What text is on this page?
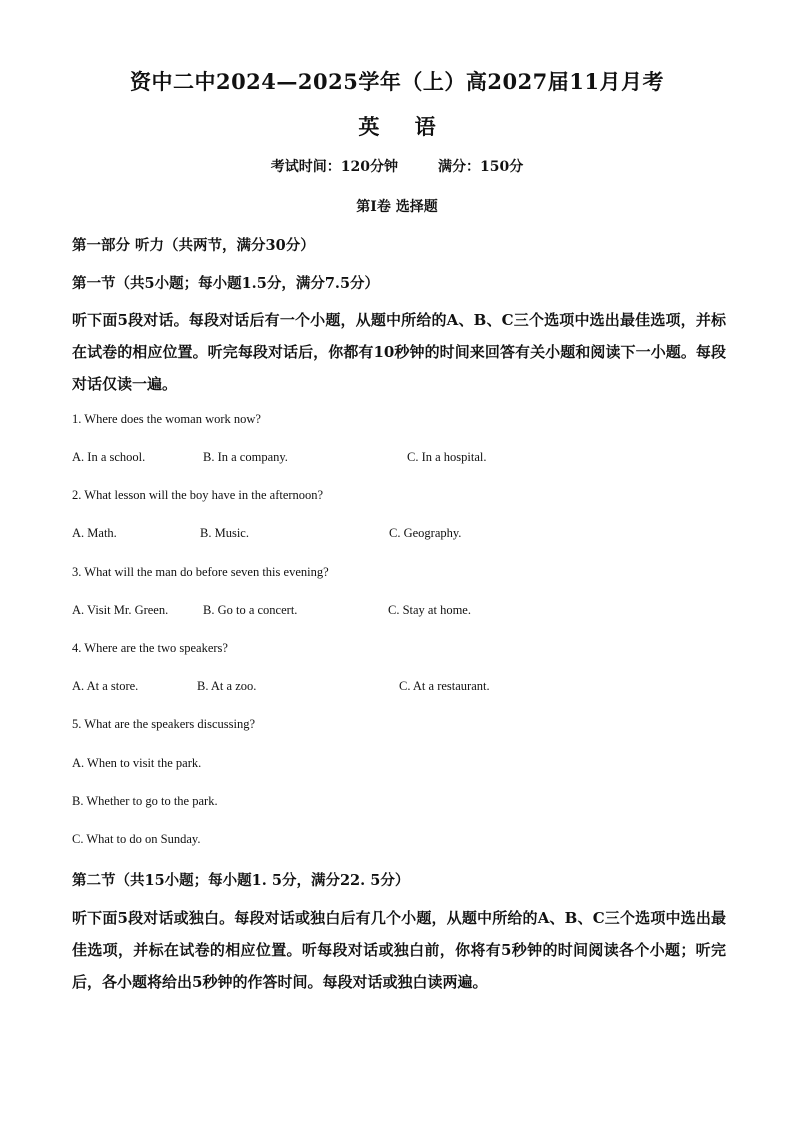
资中二中2024—2025学年（上）高2027届11月月考
英 语
考试时间：120分钟	满分：150分
第I卷 选择题
第一部分 听力（共两节，满分30分）
第一节（共5小题；每小题1.5分，满分7.5分）
听下面5段对话。每段对话后有一个小题，从题中所给的A、B、C三个选项中选出最佳选项，并标在试卷的相应位置。听完每段对话后，你都有10秒钟的时间来回答有关小题和阅读下一小题。每段对话仅读一遍。
1. Where does the woman work now?
A. In a school.	B. In a company.	C. In a hospital.
2. What lesson will the boy have in the afternoon?
A. Math.	B. Music.	C. Geography.
3. What will the man do before seven this evening?
A. Visit Mr. Green.	B. Go to a concert.	C. Stay at home.
4. Where are the two speakers?
A. At a store.	B. At a zoo.	C. At a restaurant.
5. What are the speakers discussing?
A. When to visit the park.
B. Whether to go to the park.
C. What to do on Sunday.
第二节（共15小题；每小题1. 5分，满分22. 5分）
听下面5段对话或独白。每段对话或独白后有几个小题，从题中所给的A、B、C三个选项中选出最佳选项，并标在试卷的相应位置。听每段对话或独白前，你将有5秒钟的时间阅读各个小题；听完后，各小题将给出5秒钟的作答时间。每段对话或独白读两遍。
